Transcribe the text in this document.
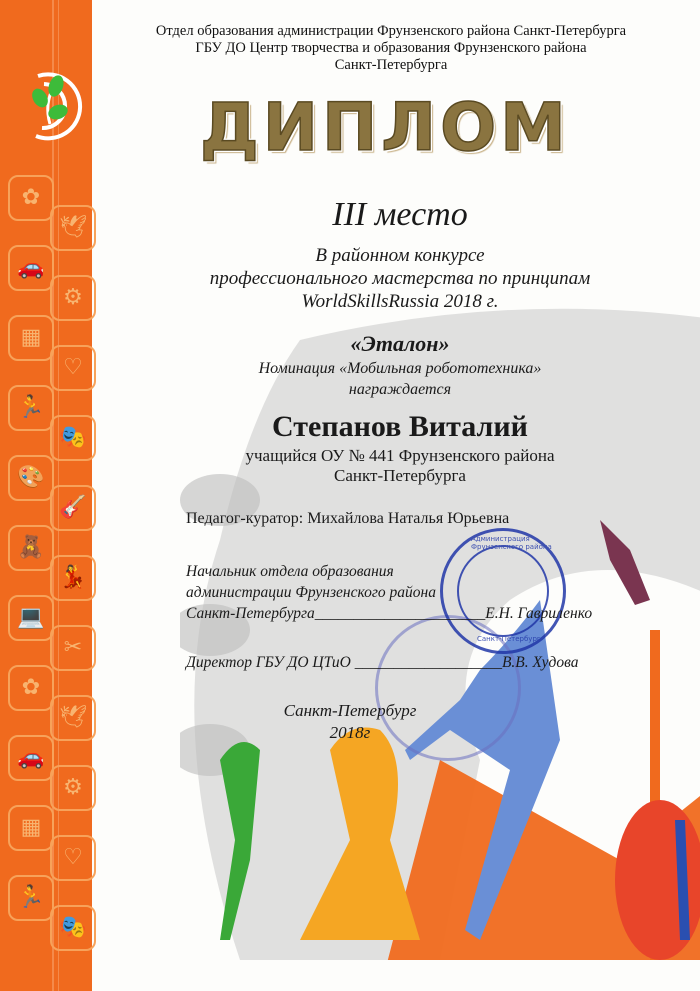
✿
🕊
🚗
⚙
▦
♡
🏃
🎭
🎨
🎸
🧸
💃
💻
✂
✿
🕊
🚗
⚙
▦
♡
🏃
🎭
Отдел образования администрации Фрунзенского района Санкт-Петербурга
ГБУ ДО Центр творчества и образования Фрунзенского района
Санкт-Петербурга
ДИПЛОМ
III место
В районном конкурсе
профессионального мастерства по принципам
WorldSkillsRussia 2018 г.
«Эталон»
Номинация «Мобильная робототехника»
награждается
Степанов Виталий
учащийся ОУ № 441 Фрунзенского района
Санкт-Петербурга
Педагог-куратор: Михайлова Наталья Юрьевна
Администрация Фрунзенского района
Санкт-Петербург
Начальник отдела образования
администрации Фрунзенского района
Санкт-Петербурга______________________Е.Н. Гавриленко
Директор ГБУ ДО ЦТиО ___________________В.В. Худова
Санкт-Петербург
2018г
